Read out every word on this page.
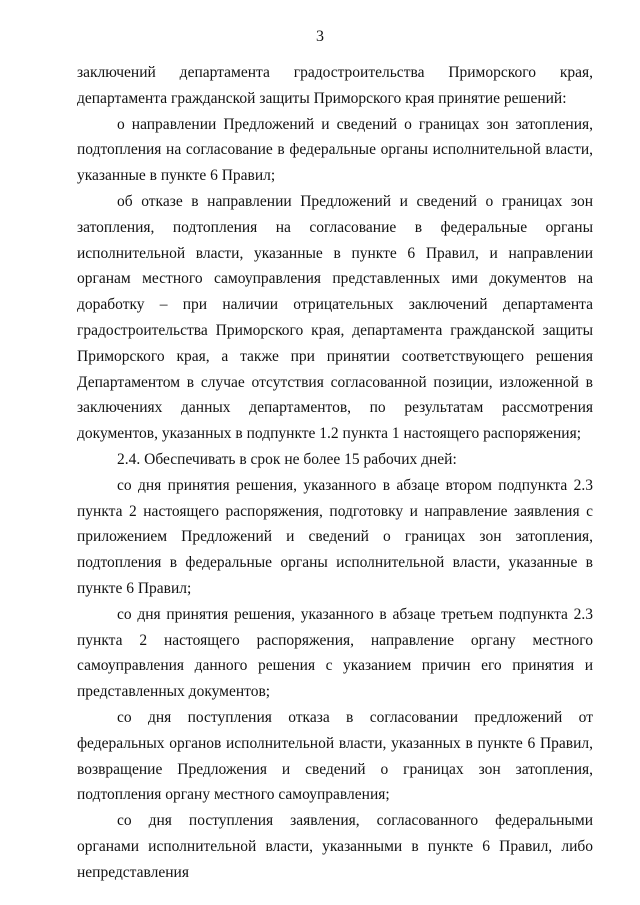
3

заключений департамента градостроительства Приморского края, департамента гражданской защиты Приморского края принятие решений:

о направлении Предложений и сведений о границах зон затопления, подтопления на согласование в федеральные органы исполнительной власти, указанные в пункте 6 Правил;

об отказе в направлении Предложений и сведений о границах зон затопления, подтопления на согласование в федеральные органы исполнительной власти, указанные в пункте 6 Правил, и направлении органам местного самоуправления представленных ими документов на доработку – при наличии отрицательных заключений департамента градостроительства Приморского края, департамента гражданской защиты Приморского края, а также при принятии соответствующего решения Департаментом в случае отсутствия согласованной позиции, изложенной в заключениях данных департаментов, по результатам рассмотрения документов, указанных в подпункте 1.2 пункта 1 настоящего распоряжения;

2.4. Обеспечивать в срок не более 15 рабочих дней:

со дня принятия решения, указанного в абзаце втором подпункта 2.3 пункта 2 настоящего распоряжения, подготовку и направление заявления с приложением Предложений и сведений о границах зон затопления, подтопления в федеральные органы исполнительной власти, указанные в пункте 6 Правил;

со дня принятия решения, указанного в абзаце третьем подпункта 2.3 пункта 2 настоящего распоряжения, направление органу местного самоуправления данного решения с указанием причин его принятия и представленных документов;

со дня поступления отказа в согласовании предложений от федеральных органов исполнительной власти, указанных в пункте 6 Правил, возвращение Предложения и сведений о границах зон затопления, подтопления органу местного самоуправления;

со дня поступления заявления, согласованного федеральными органами исполнительной власти, указанными в пункте 6 Правил, либо непредставления
